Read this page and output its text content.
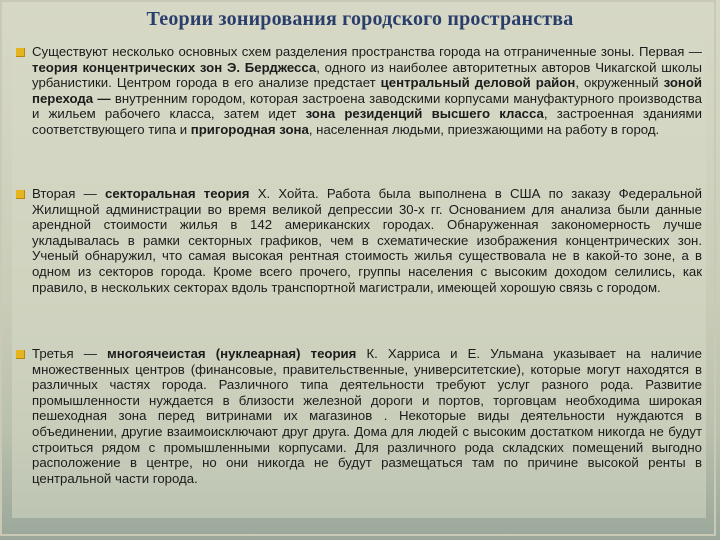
Теории зонирования городского пространства
Существуют несколько основных схем разделения пространства города на отграниченные зоны. Первая — теория концентрических зон Э. Берджесса, одного из наиболее авторитетных авторов Чикагской школы урбанистики. Центром города в его анализе предстает центральный деловой район, окруженный зоной перехода — внутренним городом, которая застроена заводскими корпусами мануфактурного производства и жильем рабочего класса, затем идет зона резиденций высшего класса, застроенная зданиями соответствующего типа и пригородная зона, населенная людьми, приезжающими на работу в город.
Вторая — секторальная теория Х. Хойта. Работа была выполнена в США по заказу Федеральной Жилищной администрации во время великой депрессии 30-х гг. Основанием для анализа были данные арендной стоимости жилья в 142 американских городах. Обнаруженная закономерность лучше укладывалась в рамки секторных графиков, чем в схематические изображения концентрических зон. Ученый обнаружил, что самая высокая рентная стоимость жилья существовала не в какой-то зоне, а в одном из секторов города. Кроме всего прочего, группы населения с высоким доходом селились, как правило, в нескольких секторах вдоль транспортной магистрали, имеющей хорошую связь с городом.
Третья — многоячеистая (нуклеарная) теория К. Харриса и Е. Ульмана указывает на наличие множественных центров (финансовые, правительственные, университетские), которые могут находятся в различных частях города. Различного типа деятельности требуют услуг разного рода. Развитие промышленности нуждается в близости железной дороги и портов, торговцам необходима широкая пешеходная зона перед витринами их магазинов . Некоторые виды деятельности нуждаются в объединении, другие взаимоисключают друг друга. Дома для людей с высоким достатком никогда не будут строиться рядом с промышленными корпусами. Для различного рода складских помещений выгодно расположение в центре, но они никогда не будут размещаться там по причине высокой ренты в центральной части города.
